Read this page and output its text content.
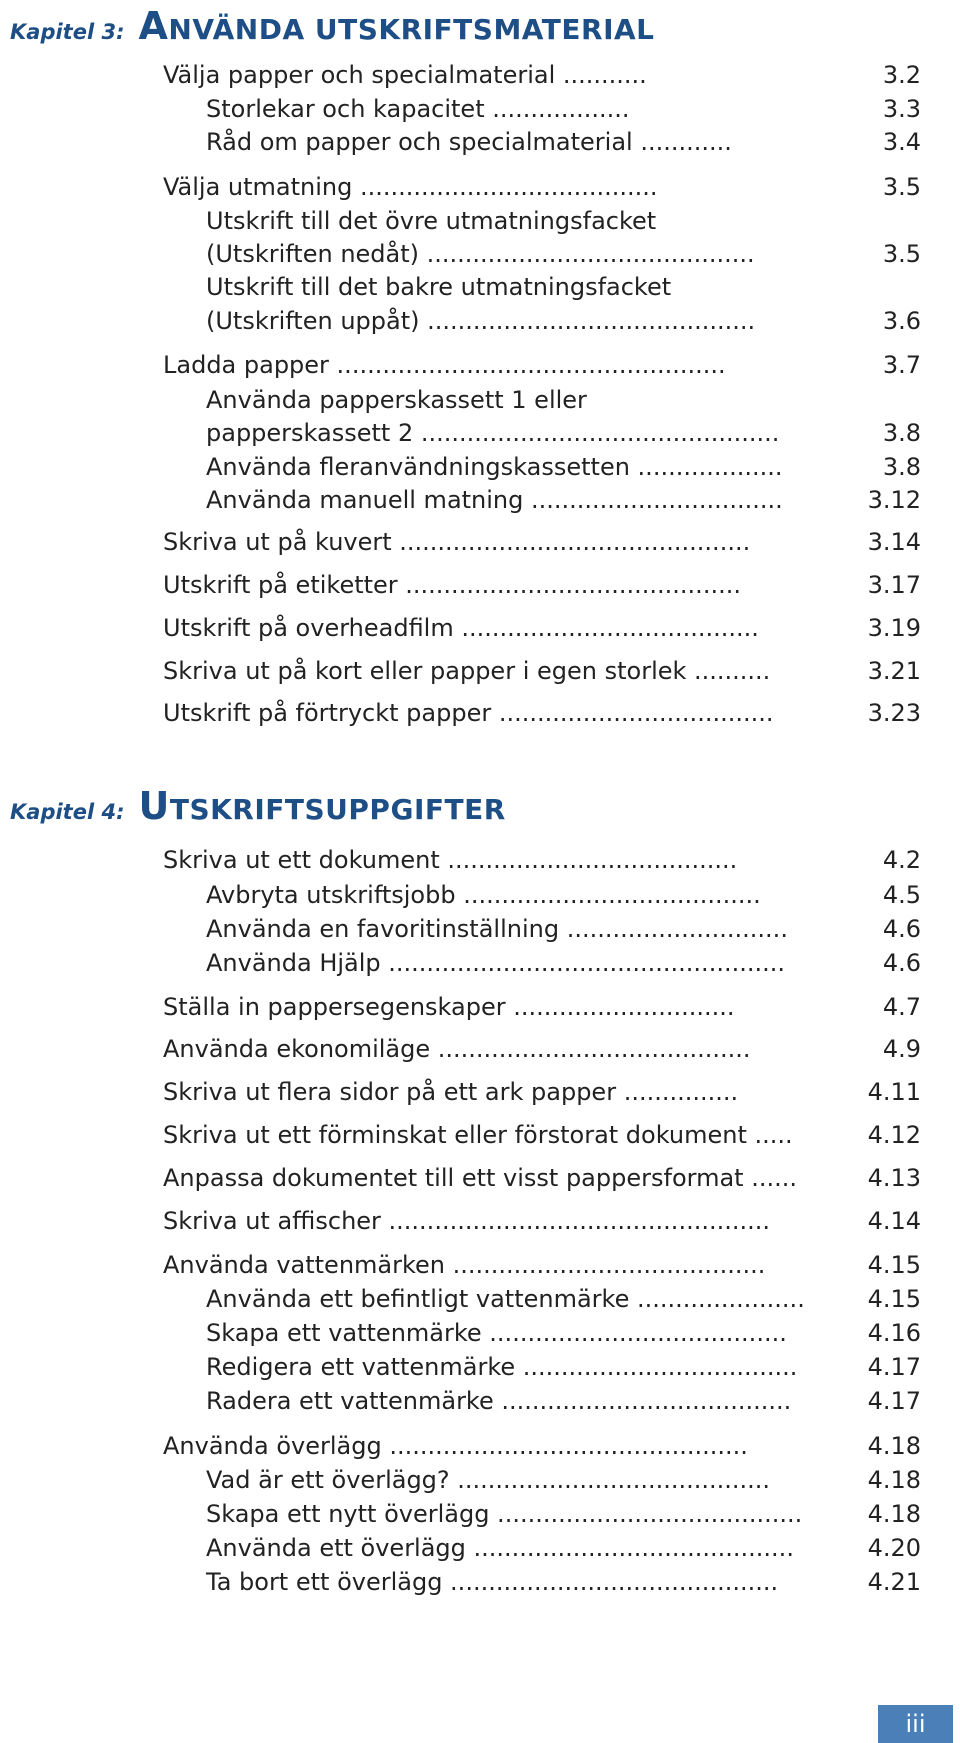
Kapitel 3: ANVÄNDA UTSKRIFTSMATERIAL
Kapitel 4: UTSKRIFTSUPPGIFTER
Välja papper och specialmaterial ...........	3.2
Storlekar och kapacitet ..................	3.3
Råd om papper och specialmaterial ............	3.4
Välja utmatning .......................................	3.5
Utskrift till det övre utmatningsfacket
(Utskriften nedåt) ...........................................	3.5
Utskrift till det bakre utmatningsfacket
(Utskriften uppåt) ...........................................	3.6
Ladda papper ...................................................	3.7
Använda papperskassett 1 eller
papperskassett 2 ...............................................	3.8
Använda fleranvändningskassetten ...................	3.8
Använda manuell matning .................................	3.12
Skriva ut på kuvert ..............................................	3.14
Utskrift på etiketter ............................................	3.17
Utskrift på overheadfilm .......................................	3.19
Skriva ut på kort eller papper i egen storlek ..........	3.21
Utskrift på förtryckt papper ....................................	3.23
Skriva ut ett dokument ......................................	4.2
Avbryta utskriftsjobb .......................................	4.5
Använda en favoritinställning .............................	4.6
Använda Hjälp ....................................................	4.6
Ställa in pappersegenskaper .............................	4.7
Använda ekonomiläge .........................................	4.9
Skriva ut flera sidor på ett ark papper ...............	4.11
Skriva ut ett förminskat eller förstorat dokument .....	4.12
Anpassa dokumentet till ett visst pappersformat ......	4.13
Skriva ut affischer ..................................................	4.14
Använda vattenmärken .........................................	4.15
Använda ett befintligt vattenmärke ......................	4.15
Skapa ett vattenmärke .......................................	4.16
Redigera ett vattenmärke ....................................	4.17
Radera ett vattenmärke ......................................	4.17
Använda överlägg ...............................................	4.18
Vad är ett överlägg? .........................................	4.18
Skapa ett nytt överlägg ........................................	4.18
Använda ett överlägg ..........................................	4.20
Ta bort ett överlägg ...........................................	4.21
iii
